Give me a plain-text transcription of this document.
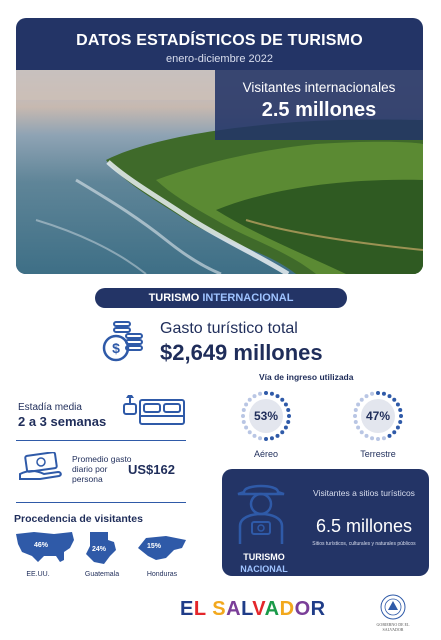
DATOS ESTADÍSTICOS DE TURISMO
enero-diciembre 2022
Visitantes internacionales
2.5 millones
TURISMO INTERNACIONAL
$
Gasto turístico total
$2,649 millones
Estadía media
2 a 3 semanas
Promedio gasto diario por persona
US$162
Procedencia de visitantes
46%
EE.UU.
24%
Guatemala
15%
Honduras
Vía de ingreso utilizada
53%
Aéreo
47%
Terrestre
TURISMO
NACIONAL
Visitantes a sitios turísticos
6.5 millones
Sitios turísticos, culturales y naturales públicos
EL SALVADOR
GOBIERNO DE EL SALVADOR
